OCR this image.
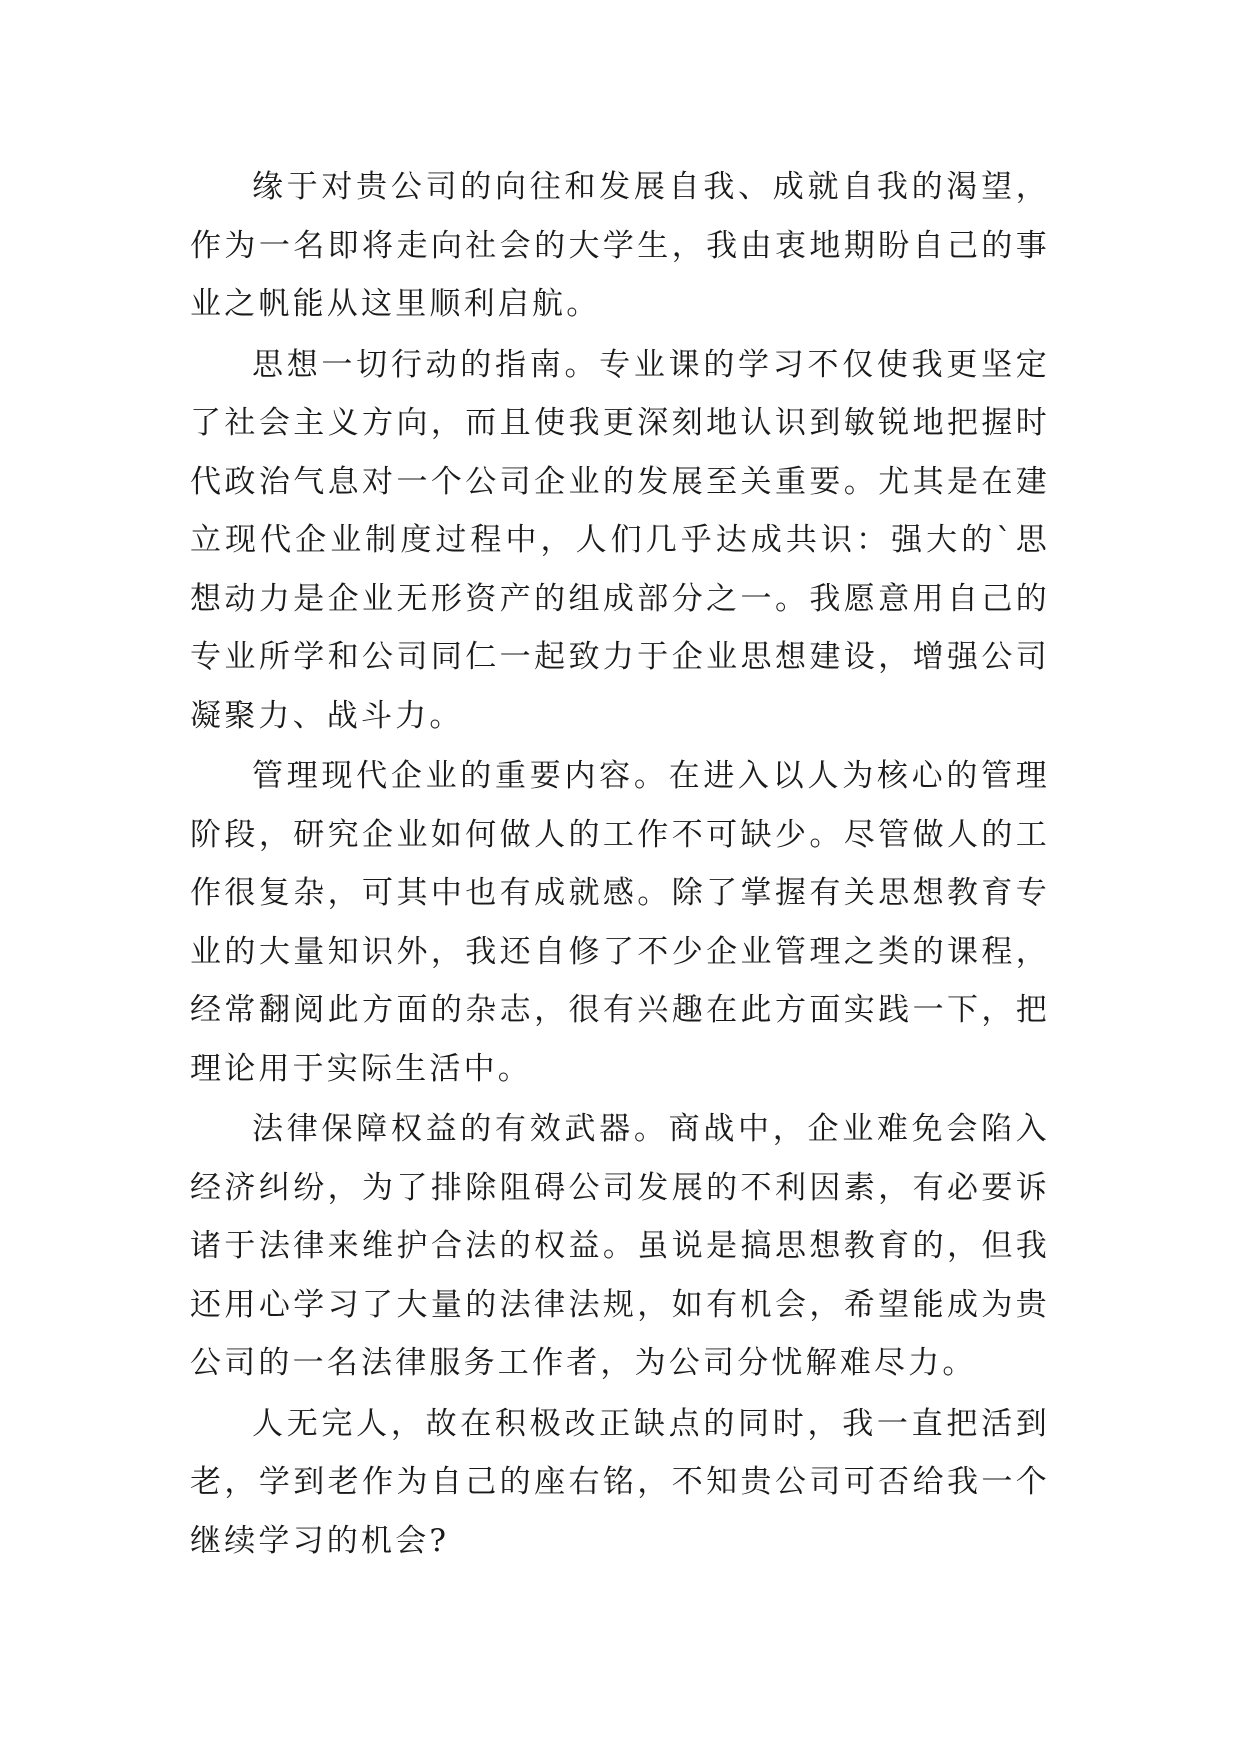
缘于对贵公司的向往和发展自我、成就自我的渴望，作为一名即将走向社会的大学生，我由衷地期盼自己的事业之帆能从这里顺利启航。

思想一切行动的指南。专业课的学习不仅使我更坚定了社会主义方向，而且使我更深刻地认识到敏锐地把握时代政治气息对一个公司企业的发展至关重要。尤其是在建立现代企业制度过程中，人们几乎达成共识：强大的`思想动力是企业无形资产的组成部分之一。我愿意用自己的专业所学和公司同仁一起致力于企业思想建设，增强公司凝聚力、战斗力。

管理现代企业的重要内容。在进入以人为核心的管理阶段，研究企业如何做人的工作不可缺少。尽管做人的工作很复杂，可其中也有成就感。除了掌握有关思想教育专业的大量知识外，我还自修了不少企业管理之类的课程，经常翻阅此方面的杂志，很有兴趣在此方面实践一下，把理论用于实际生活中。

法律保障权益的有效武器。商战中，企业难免会陷入经济纠纷，为了排除阻碍公司发展的不利因素，有必要诉诸于法律来维护合法的权益。虽说是搞思想教育的，但我还用心学习了大量的法律法规，如有机会，希望能成为贵公司的一名法律服务工作者，为公司分忧解难尽力。

人无完人，故在积极改正缺点的同时，我一直把活到老，学到老作为自己的座右铭，不知贵公司可否给我一个继续学习的机会?
